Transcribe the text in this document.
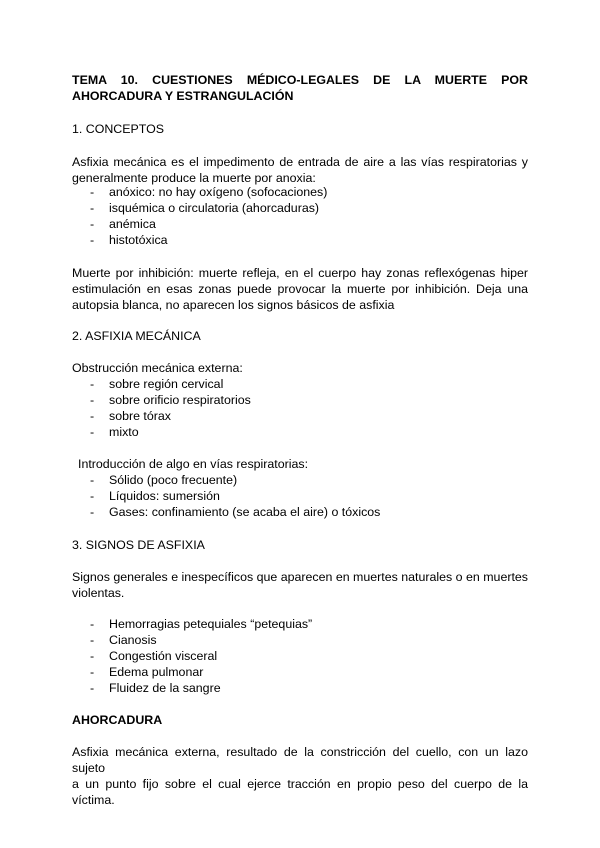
TEMA 10. CUESTIONES MÉDICO-LEGALES DE LA MUERTE POR
AHORCADURA Y ESTRANGULACIÓN
1. CONCEPTOS
Asfixia mecánica es el impedimento de entrada de aire a las vías respiratorias y
generalmente produce la muerte por anoxia:
- anóxico: no hay oxígeno (sofocaciones)
- isquémica o circulatoria (ahorcaduras)
- anémica
- histotóxica
Muerte por inhibición: muerte refleja, en el cuerpo hay zonas reflexógenas hiper
estimulación en esas zonas puede provocar la muerte por inhibición. Deja una
autopsia blanca, no aparecen los signos básicos de asfixia
2. ASFIXIA MECÁNICA
Obstrucción mecánica externa:
- sobre región cervical
- sobre orificio respiratorios
- sobre tórax
- mixto
Introducción de algo en vías respiratorias:
- Sólido (poco frecuente)
- Líquidos: sumersión
- Gases: confinamiento (se acaba el aire) o tóxicos
3. SIGNOS DE ASFIXIA
Signos generales e inespecíficos que aparecen en muertes naturales o en muertes
violentas.
- Hemorragias petequiales “petequias”
- Cianosis
- Congestión visceral
- Edema pulmonar
- Fluidez de la sangre
AHORCADURA
Asfixia mecánica externa, resultado de la constricción del cuello, con un lazo sujeto
a un punto fijo sobre el cual ejerce tracción en propio peso del cuerpo de la víctima.
